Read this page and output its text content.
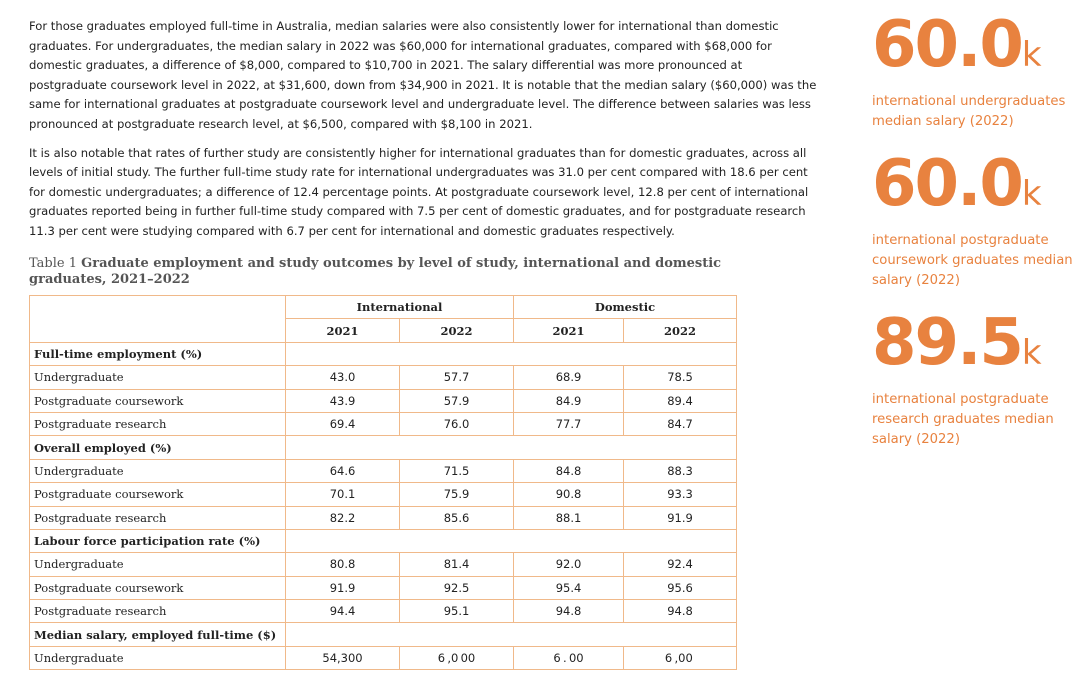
For those graduates employed full-time in Australia, median salaries were also consistently lower for international than domestic graduates. For undergraduates, the median salary in 2022 was $60,000 for international graduates, compared with $68,000 for domestic graduates, a difference of $8,000, compared to $10,700 in 2021. The salary differential was more pronounced at postgraduate coursework level in 2022, at $31,600, down from $34,900 in 2021. It is notable that the median salary ($60,000) was the same for international graduates at postgraduate coursework level and undergraduate level. The difference between salaries was less pronounced at postgraduate research level, at $6,500, compared with $8,100 in 2021.

It is also notable that rates of further study are consistently higher for international graduates than for domestic graduates, across all levels of initial study. The further full-time study rate for international undergraduates was 31.0 per cent compared with 18.6 per cent for domestic undergraduates; a difference of 12.4 percentage points. At postgraduate coursework level, 12.8 per cent of international graduates reported being in further full-time study compared with 7.5 per cent of domestic graduates, and for postgraduate research 11.3 per cent were studying compared with 6.7 per cent for international and domestic graduates respectively.

Table 1 Graduate employment and study outcomes by level of study, international and domestic graduates, 2021–2022
	International		Domestic	
	2021	2022	2021	2022
Full-time employment (%)				
Undergraduate	43.0	57.7	68.9	78.5
Postgraduate coursework	43.9	57.9	84.9	89.4
Postgraduate research	69.4	76.0	77.7	84.7
Overall employed (%)				
Undergraduate	64.6	71.5	84.8	88.3
Postgraduate coursework	70.1	75.9	90.8	93.3
Postgraduate research	82.2	85.6	88.1	91.9
Labour force participation rate (%)				
Undergraduate	80.8	81.4	92.0	92.4
Postgraduate coursework	91.9	92.5	95.4	95.6
Postgraduate research	94.4	95.1	94.8	94.8
Median salary, employed full-time ($)				
Undergraduate	54,300	6 ,0 00	6 . 00	6 ,00 
60.0k
international undergraduates median salary (2022)
60.0k
international postgraduate coursework graduates median salary (2022)
89.5k
international postgraduate research graduates median salary (2022)
